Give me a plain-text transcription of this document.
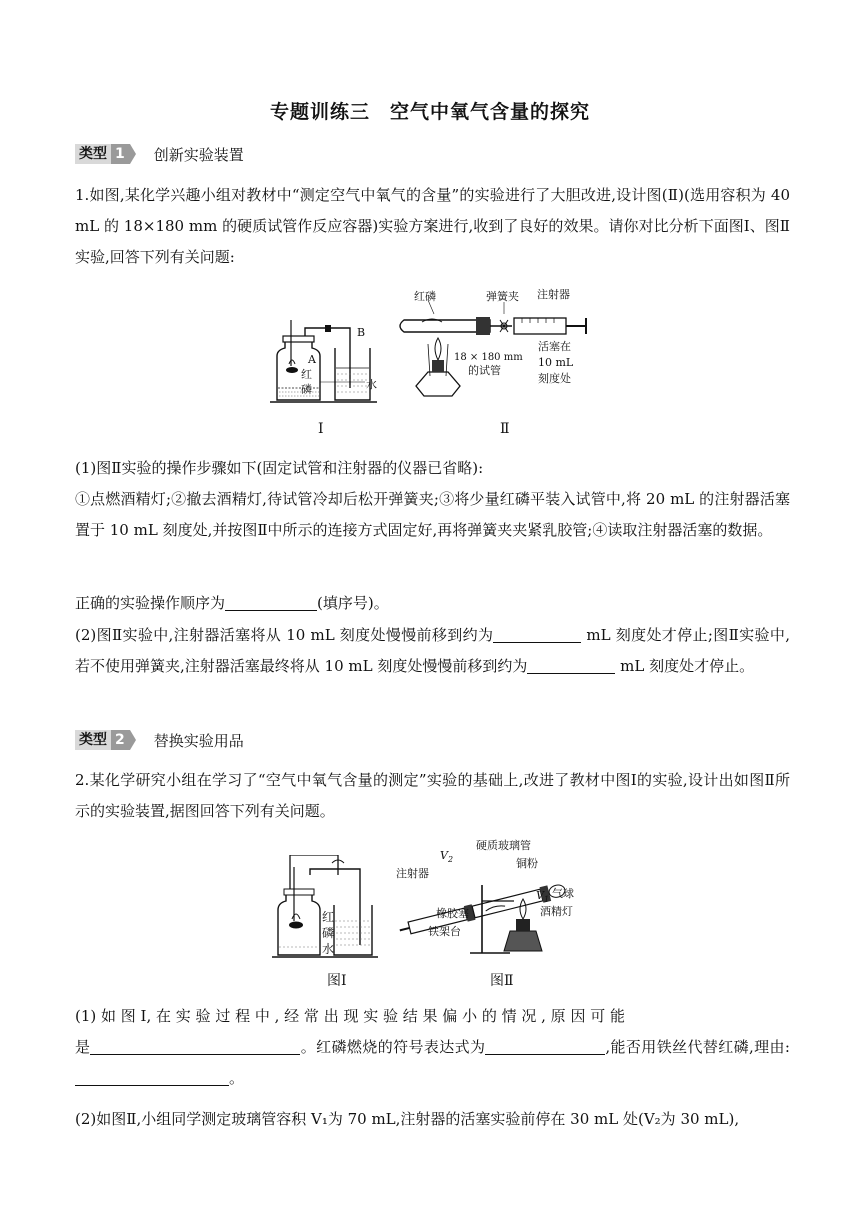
专题训练三　空气中氧气含量的探究
类型 1	创新实验装置
1.如图,某化学兴趣小组对教材中“测定空气中氧气的含量”的实验进行了大胆改进,设计图(Ⅱ)(选用容积为 40 mL 的 18×180 mm 的硬质试管作反应容器)实验方案进行,收到了良好的效果。请你对比分析下面图Ⅰ、图Ⅱ实验,回答下列有关问题:
A
B
红
磷	水
Ⅰ
红磷	弹簧夹 注射器
18 × 180 mm
的试管
活塞在
10 mL
刻度处
Ⅱ
(1)图Ⅱ实验的操作步骤如下(固定试管和注射器的仪器已省略):
①点燃酒精灯;②撤去酒精灯,待试管冷却后松开弹簧夹;③将少量红磷平装入试管中,将 20 mL 的注射器活塞置于 10 mL 刻度处,并按图Ⅱ中所示的连接方式固定好,再将弹簧夹夹紧乳胶管;④读取注射器活塞的数据。
正确的实验操作顺序为	(填序号)。
(2)图Ⅱ实验中,注射器活塞将从 10 mL 刻度处慢慢前移到约为	mL 刻度处才停止;图Ⅱ实验中,若不使用弹簧夹,注射器活塞最终将从 10 mL 刻度处慢慢前移到约为	mL 刻度处才停止。
类型 2	替换实验用品
2.某化学研究小组在学习了“空气中氧气含量的测定”实验的基础上,改进了教材中图Ⅰ的实验,设计出如图Ⅱ所示的实验装置,据图回答下列有关问题。
红
磷
水
图Ⅰ
硬质玻璃管
$V_2$	铜粉
注射器
$V_1$ 气球
酒精灯
橡胶塞
铁架台
图Ⅱ
(1) 如 图 Ⅰ, 在 实 验 过 程 中 , 经 常 出 现 实 验 结 果 偏 小 的 情 况 , 原 因 可 能
是	。红磷燃烧的符号表达式为	,能否用铁丝代替红磷,理由:。
(2)如图Ⅱ,小组同学测定玻璃管容积 V₁为 70 mL,注射器的活塞实验前停在 30 mL 处(V₂为 30 mL),
